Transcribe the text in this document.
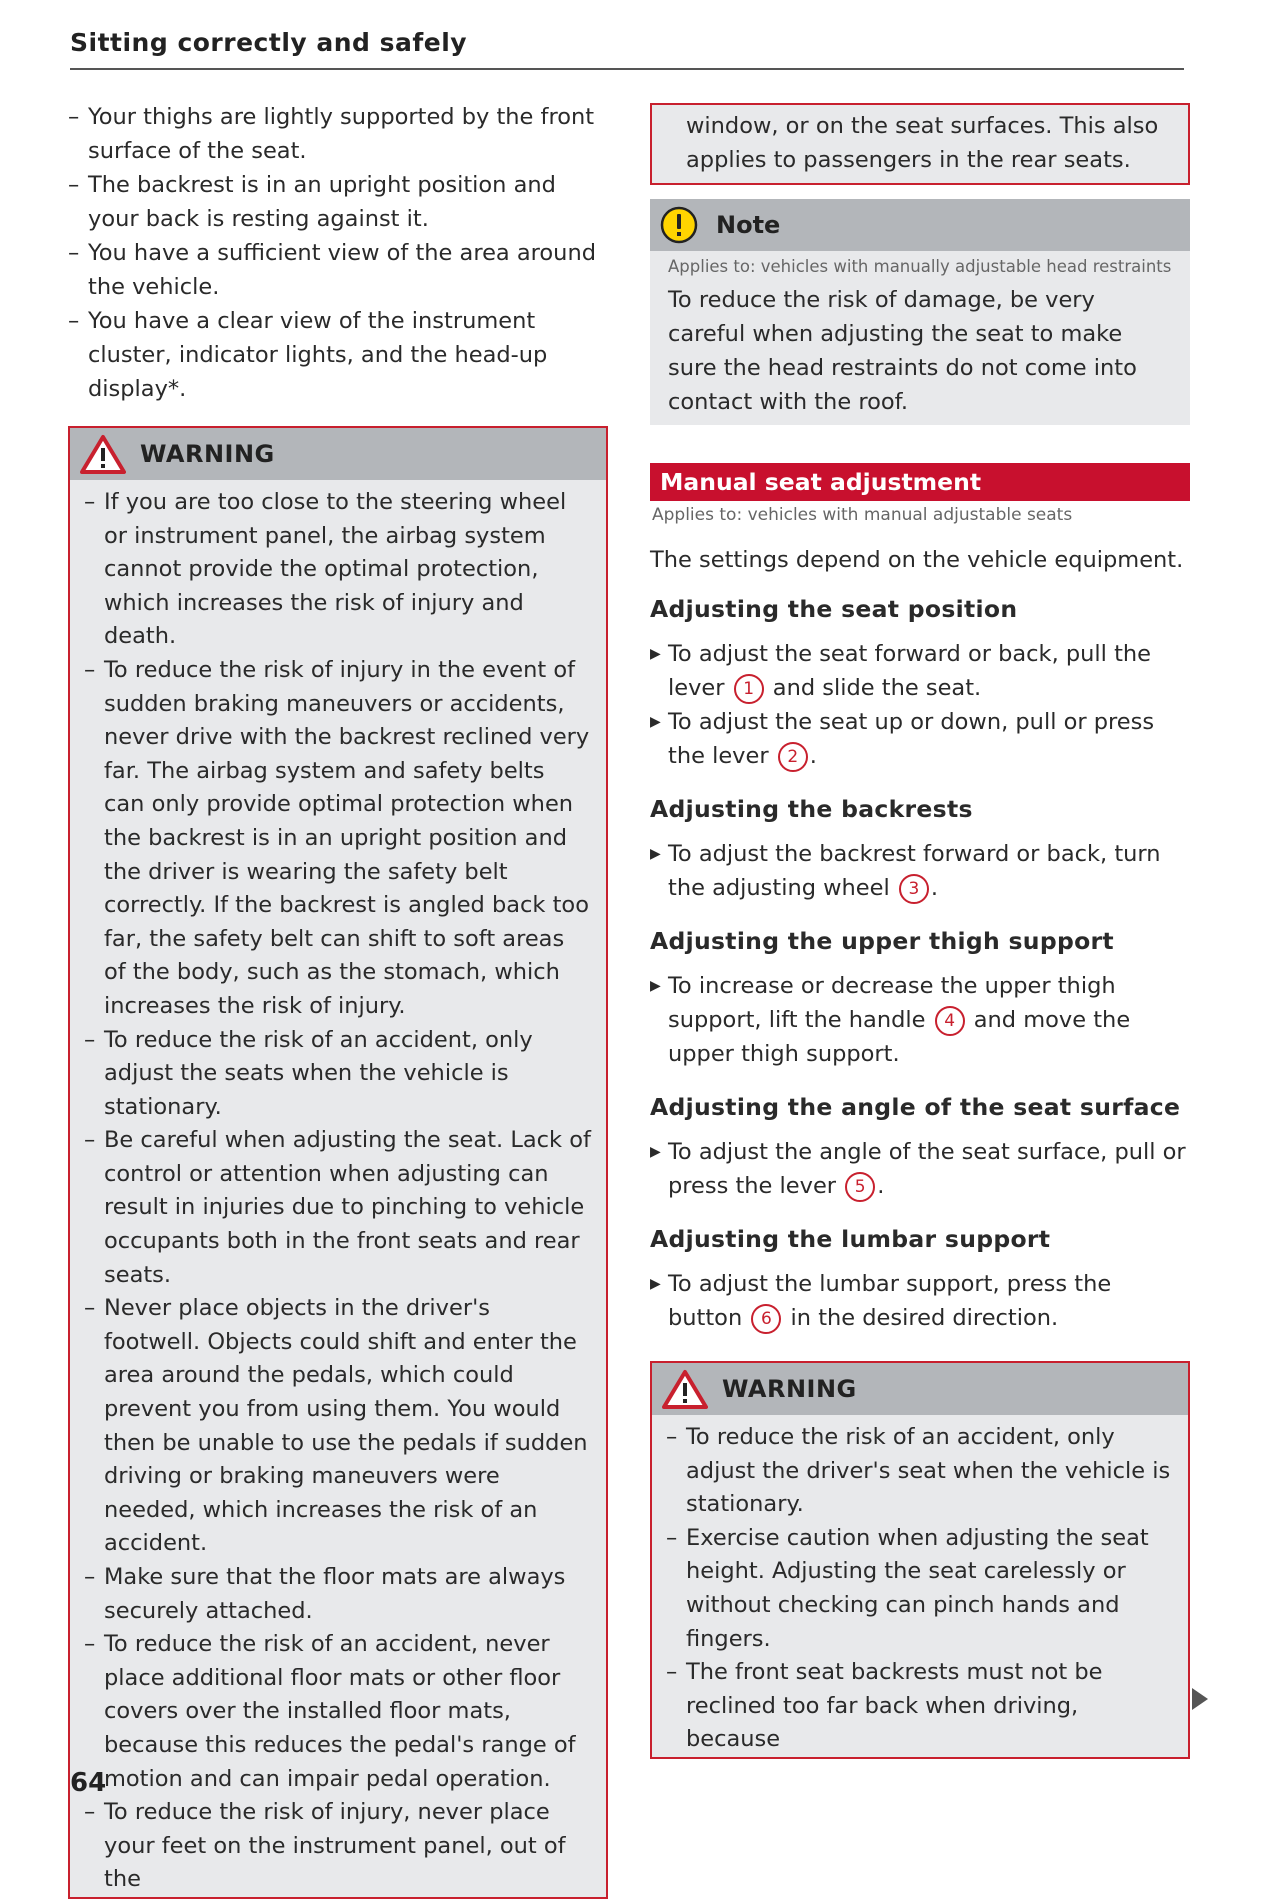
Sitting correctly and safely
– Your thighs are lightly supported by the front surface of the seat.
– The backrest is in an upright position and your back is resting against it.
– You have a sufficient view of the area around the vehicle.
– You have a clear view of the instrument cluster, indicator lights, and the head-up display*.
WARNING
– If you are too close to the steering wheel or instrument panel, the airbag system cannot provide the optimal protection, which increases the risk of injury and death.
– To reduce the risk of injury in the event of sudden braking maneuvers or accidents, never drive with the backrest reclined very far. The airbag system and safety belts can only provide optimal protection when the backrest is in an upright position and the driver is wearing the safety belt correctly. If the backrest is angled back too far, the safety belt can shift to soft areas of the body, such as the stomach, which increases the risk of injury.
– To reduce the risk of an accident, only adjust the seats when the vehicle is stationary.
– Be careful when adjusting the seat. Lack of control or attention when adjusting can result in injuries due to pinching to vehicle occupants both in the front seats and rear seats.
– Never place objects in the driver's footwell. Objects could shift and enter the area around the pedals, which could prevent you from using them. You would then be unable to use the pedals if sudden driving or braking maneuvers were needed, which increases the risk of an accident.
– Make sure that the floor mats are always securely attached.
– To reduce the risk of an accident, never place additional floor mats or other floor covers over the installed floor mats, because this reduces the pedal's range of motion and can impair pedal operation.
– To reduce the risk of injury, never place your feet on the instrument panel, out of the
window, or on the seat surfaces. This also applies to passengers in the rear seats.
Note
Applies to: vehicles with manually adjustable head restraints
To reduce the risk of damage, be very careful when adjusting the seat to make sure the head restraints do not come into contact with the roof.
Manual seat adjustment
Applies to: vehicles with manual adjustable seats
The settings depend on the vehicle equipment.
Adjusting the seat position
▶ To adjust the seat forward or back, pull the lever 1 and slide the seat.
▶ To adjust the seat up or down, pull or press the lever 2 .
Adjusting the backrests
▶ To adjust the backrest forward or back, turn the adjusting wheel 3 .
Adjusting the upper thigh support
▶ To increase or decrease the upper thigh support, lift the handle 4 and move the upper thigh support.
Adjusting the angle of the seat surface
▶ To adjust the angle of the seat surface, pull or press the lever 5 .
Adjusting the lumbar support
▶ To adjust the lumbar support, press the button 6 in the desired direction.
WARNING
– To reduce the risk of an accident, only adjust the driver's seat when the vehicle is stationary.
– Exercise caution when adjusting the seat height. Adjusting the seat carelessly or without checking can pinch hands and fingers.
– The front seat backrests must not be reclined too far back when driving, because
64
